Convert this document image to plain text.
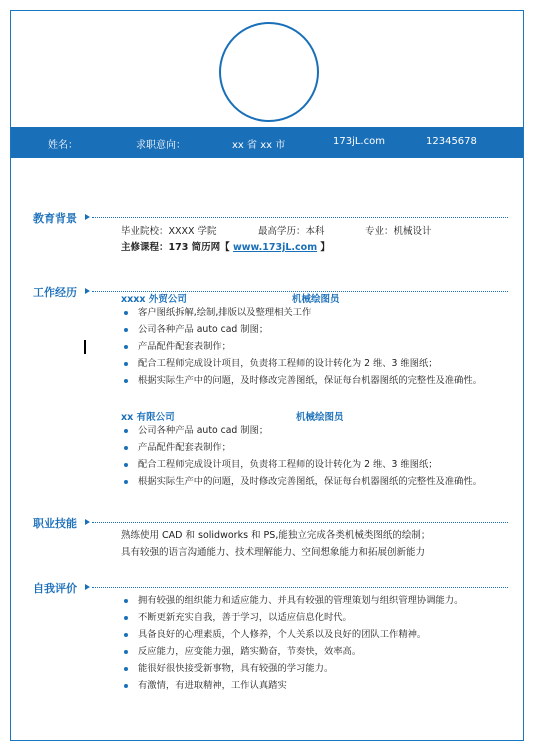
姓名：	求职意向：	xx 省 xx 市	173jL.com	12345678
教育背景
毕业院校：XXXX 学院	最高学历：本科	专业：机械设计
主修课程：173 简历网【 www.173jL.com 】
工作经历
xxxx 外贸公司	机械绘图员
客户图纸拆解,绘制,排版以及整理相关工作
公司各种产品 auto cad 制图；
产品配件配套表制作；
配合工程师完成设计项目，负责将工程师的设计转化为 2 维、3 维图纸；
根据实际生产中的问题，及时修改完善图纸，保证每台机器图纸的完整性及准确性。
xx 有限公司	机械绘图员
公司各种产品 auto cad 制图；
产品配件配套表制作；
配合工程师完成设计项目，负责将工程师的设计转化为 2 维、3 维图纸；
根据实际生产中的问题，及时修改完善图纸，保证每台机器图纸的完整性及准确性。
职业技能
熟练使用 CAD 和 solidworks 和 PS,能独立完成各类机械类图纸的绘制；
具有较强的语言沟通能力、技术理解能力、空间想象能力和拓展创新能力
自我评价
拥有较强的组织能力和适应能力、并具有较强的管理策划与组织管理协调能力。
不断更新充实自我，善于学习，以适应信息化时代。
具备良好的心理素质，个人修养，个人关系以及良好的团队工作精神。
反应能力，应变能力强，踏实勤奋，节奏快，效率高。
能很好很快接受新事物，具有较强的学习能力。
有激情，有进取精神，工作认真踏实
